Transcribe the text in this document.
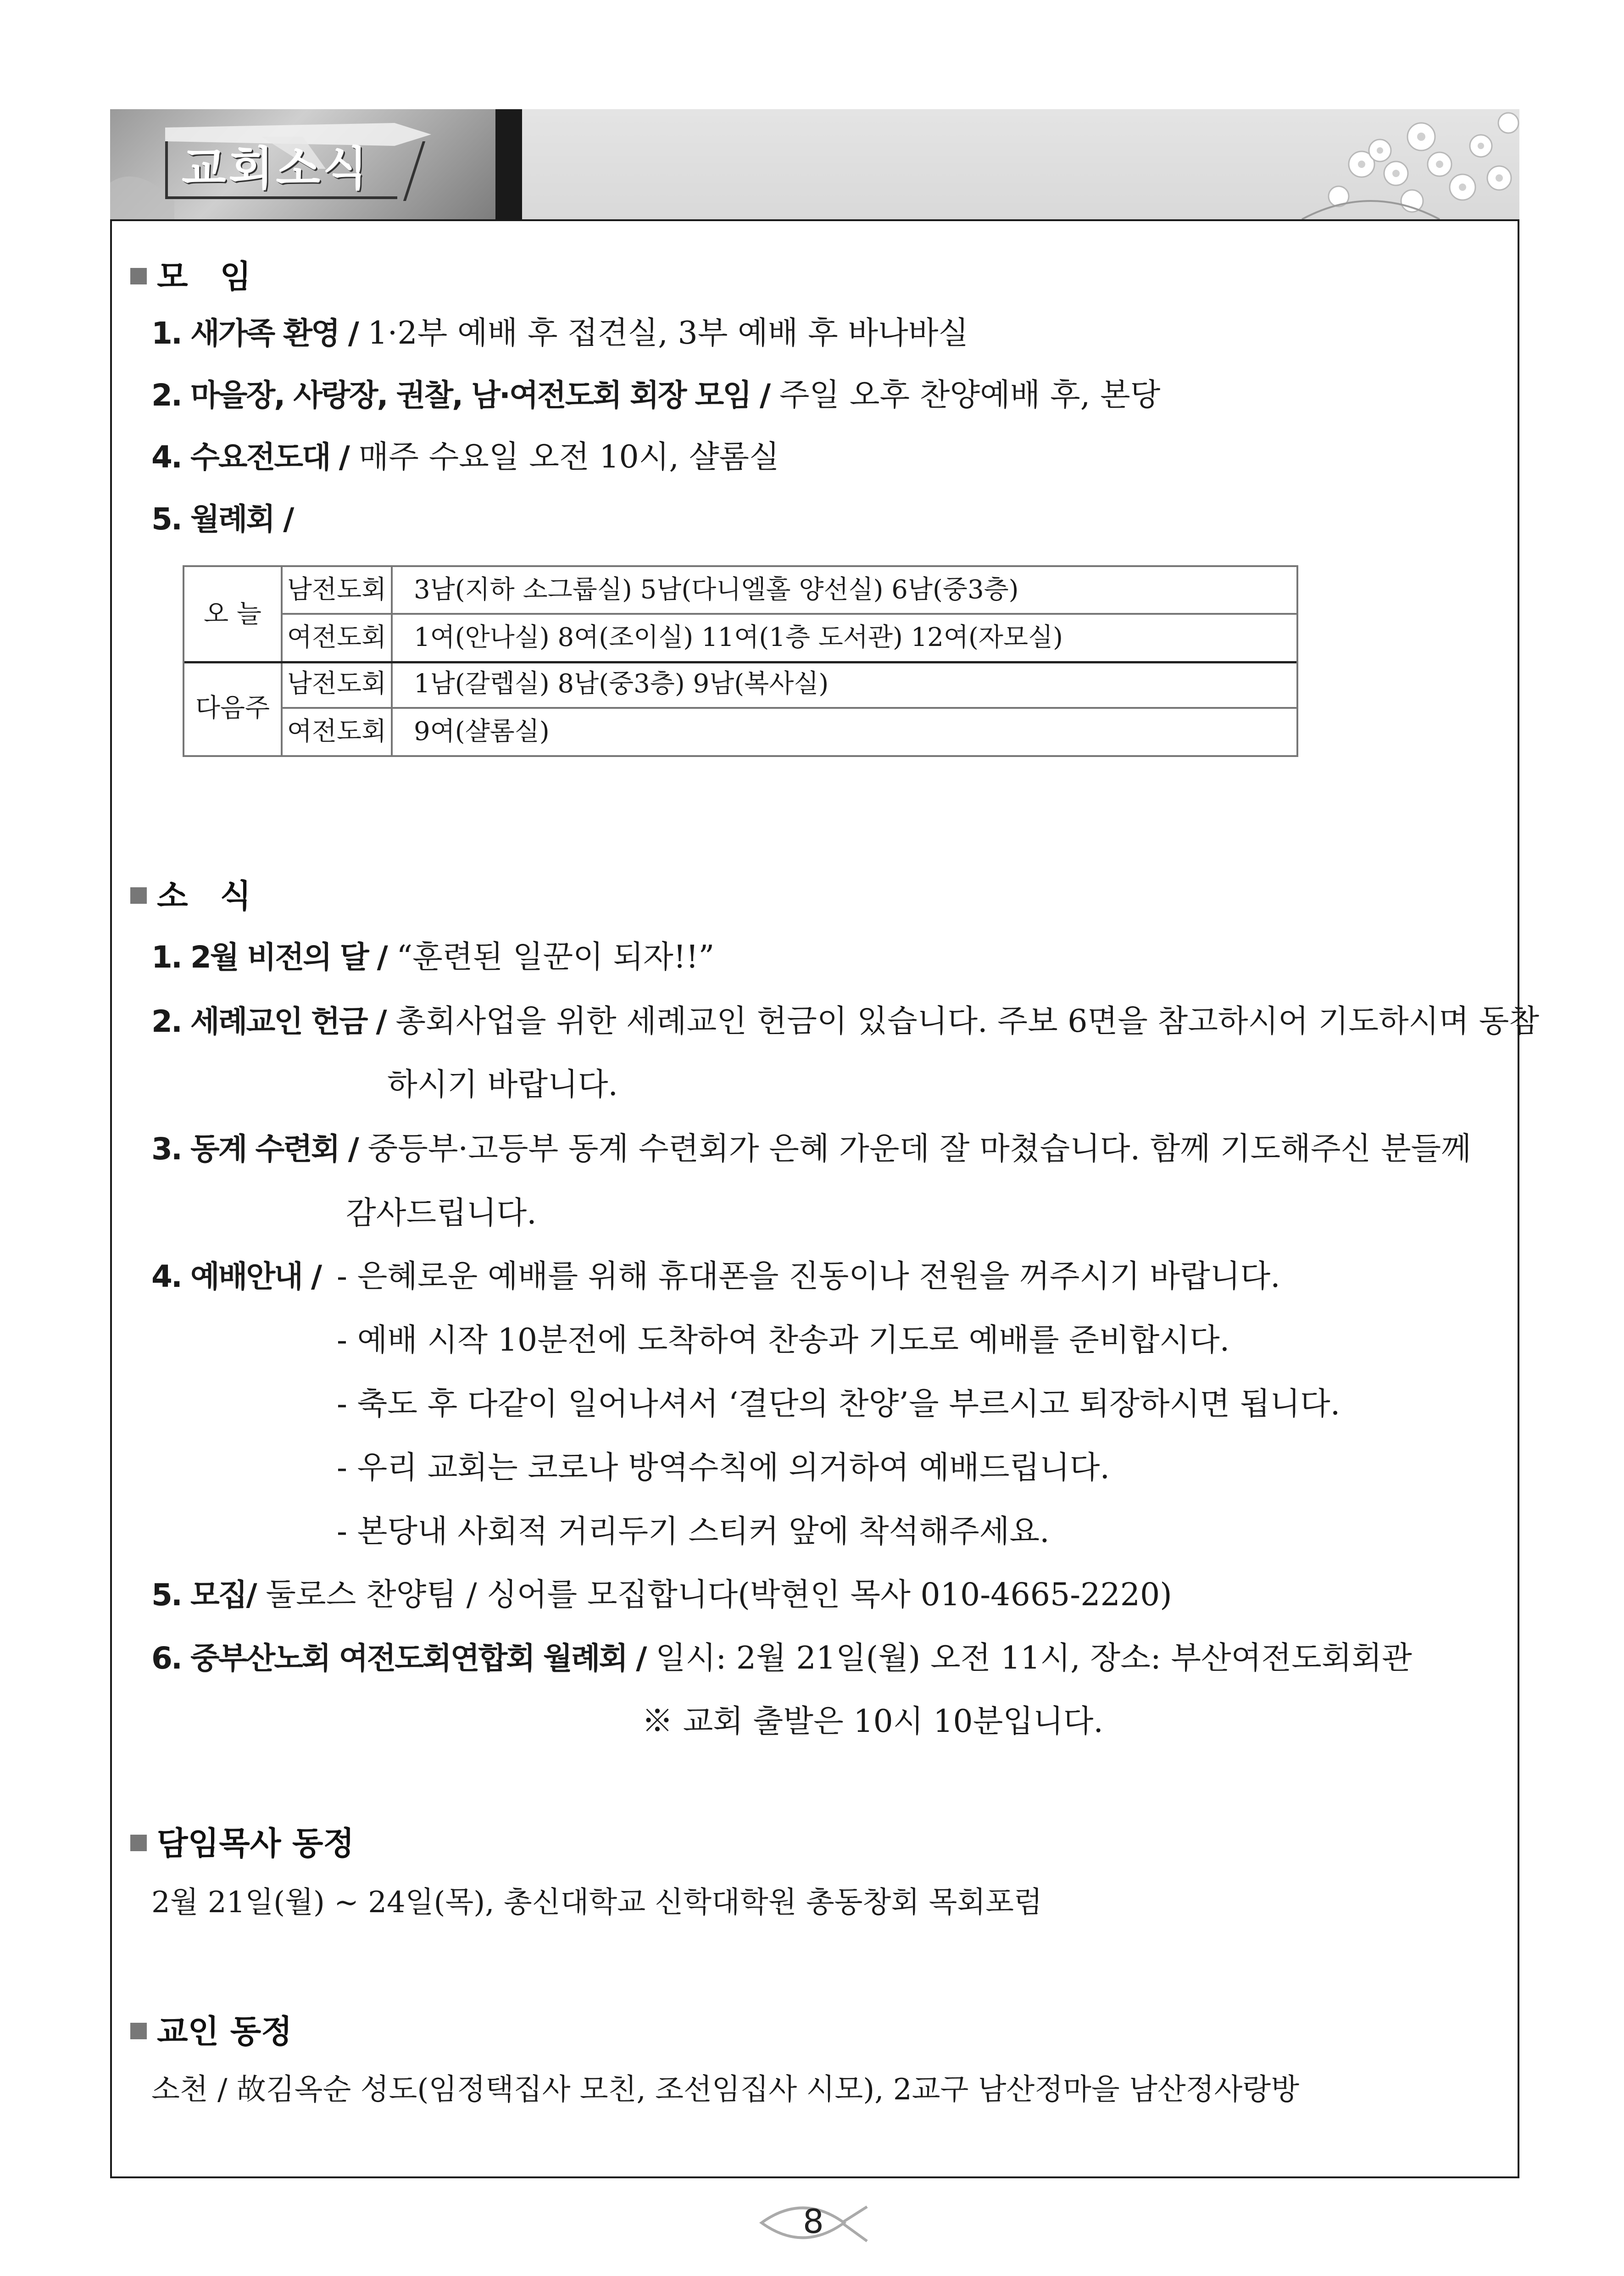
교회소식
모　임
1. 새가족 환영 / 1·2부 예배 후 접견실, 3부 예배 후 바나바실
2. 마을장, 사랑장, 권찰, 남·여전도회 회장 모임 / 주일 오후 찬양예배 후, 본당
4. 수요전도대 / 매주 수요일 오전 10시, 샬롬실
5. 월례회 /
오 늘
다음주
남전도회 3남(지하 소그룹실) 5남(다니엘홀 양선실) 6남(중3층)
여전도회 1여(안나실) 8여(조이실) 11여(1층 도서관) 12여(자모실)
남전도회 1남(갈렙실) 8남(중3층) 9남(복사실)
여전도회 9여(샬롬실)
소　식
1. 2월 비전의 달 / “훈련된 일꾼이 되자!!”
2. 세례교인 헌금 / 총회사업을 위한 세례교인 헌금이 있습니다. 주보 6면을 참고하시어 기도하시며 동참
하시기 바랍니다.
3. 동계 수련회 / 중등부·고등부 동계 수련회가 은혜 가운데 잘 마쳤습니다. 함께 기도해주신 분들께
감사드립니다.
4. 예배안내 / - 은혜로운 예배를 위해 휴대폰을 진동이나 전원을 꺼주시기 바랍니다.
- 예배 시작 10분전에 도착하여 찬송과 기도로 예배를 준비합시다.
- 축도 후 다같이 일어나셔서 ‘결단의 찬양’을 부르시고 퇴장하시면 됩니다.
- 우리 교회는 코로나 방역수칙에 의거하여 예배드립니다.
- 본당내 사회적 거리두기 스티커 앞에 착석해주세요.
5. 모집/ 둘로스 찬양팀 / 싱어를 모집합니다(박현인 목사 010-4665-2220)
6. 중부산노회 여전도회연합회 월례회 / 일시: 2월 21일(월) 오전 11시, 장소: 부산여전도회회관
※ 교회 출발은 10시 10분입니다.
담임목사 동정
2월 21일(월) ~ 24일(목), 총신대학교 신학대학원 총동창회 목회포럼
교인 동정
소천 / 故김옥순 성도(임정택집사 모친, 조선임집사 시모), 2교구 남산정마을 남산정사랑방
8
